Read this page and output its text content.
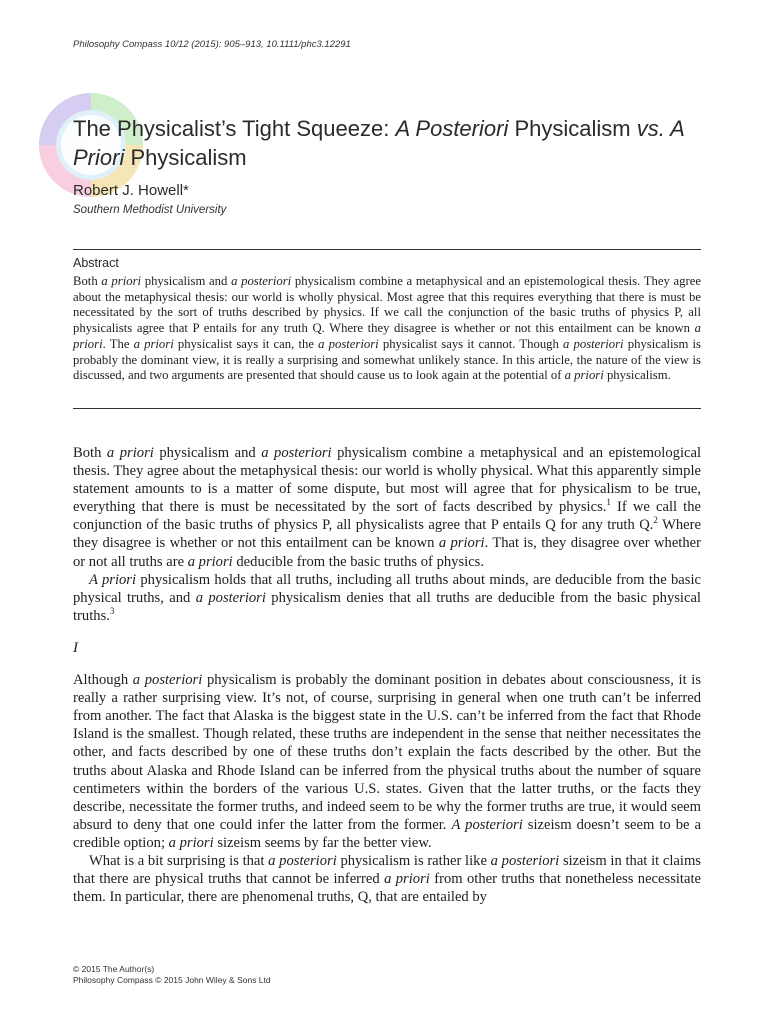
Philosophy Compass 10/12 (2015): 905–913, 10.1111/phc3.12291
The Physicalist’s Tight Squeeze: A Posteriori Physicalism vs. A Priori Physicalism
Robert J. Howell*
Southern Methodist University
Abstract
Both a priori physicalism and a posteriori physicalism combine a metaphysical and an epistemological thesis. They agree about the metaphysical thesis: our world is wholly physical. Most agree that this requires everything that there is must be necessitated by the sort of truths described by physics. If we call the conjunction of the basic truths of physics P, all physicalists agree that P entails for any truth Q. Where they disagree is whether or not this entailment can be known a priori. The a priori physicalist says it can, the a posteriori physicalist says it cannot. Though a posteriori physicalism is probably the dominant view, it is really a surprising and somewhat unlikely stance. In this article, the nature of the view is discussed, and two arguments are presented that should cause us to look again at the potential of a priori physicalism.

Both a priori physicalism and a posteriori physicalism combine a metaphysical and an epistemological thesis. They agree about the metaphysical thesis: our world is wholly physical. What this apparently simple statement amounts to is a matter of some dispute, but most will agree that for physicalism to be true, everything that there is must be necessitated by the sort of facts described by physics.$^1$ If we call the conjunction of the basic truths of physics P, all physicalists agree that P entails Q for any truth Q.$^2$ Where they disagree is whether or not this entailment can be known a priori. That is, they disagree over whether or not all truths are a priori deducible from the basic truths of physics.

A priori physicalism holds that all truths, including all truths about minds, are deducible from the basic physical truths, and a posteriori physicalism denies that all truths are deducible from the basic physical truths.$^3$

I

Although a posteriori physicalism is probably the dominant position in debates about consciousness, it is really a rather surprising view. It’s not, of course, surprising in general when one truth can’t be inferred from another. The fact that Alaska is the biggest state in the U.S. can’t be inferred from the fact that Rhode Island is the smallest. Though related, these truths are independent in the sense that neither necessitates the other, and facts described by one of these truths don’t explain the facts described by the other. But the truths about Alaska and Rhode Island can be inferred from the physical truths about the number of square centimeters within the borders of the various U.S. states. Given that the latter truths, or the facts they describe, necessitate the former truths, and indeed seem to be why the former truths are true, it would seem absurd to deny that one could infer the latter from the former. A posteriori sizeism doesn’t seem to be a credible option; a priori sizeism seems by far the better view.

What is a bit surprising is that a posteriori physicalism is rather like a posteriori sizeism in that it claims that there are physical truths that cannot be inferred a priori from other truths that nonetheless necessitate them. In particular, there are phenomenal truths, Q, that are entailed by

© 2015 The Author(s)
Philosophy Compass © 2015 John Wiley & Sons Ltd
